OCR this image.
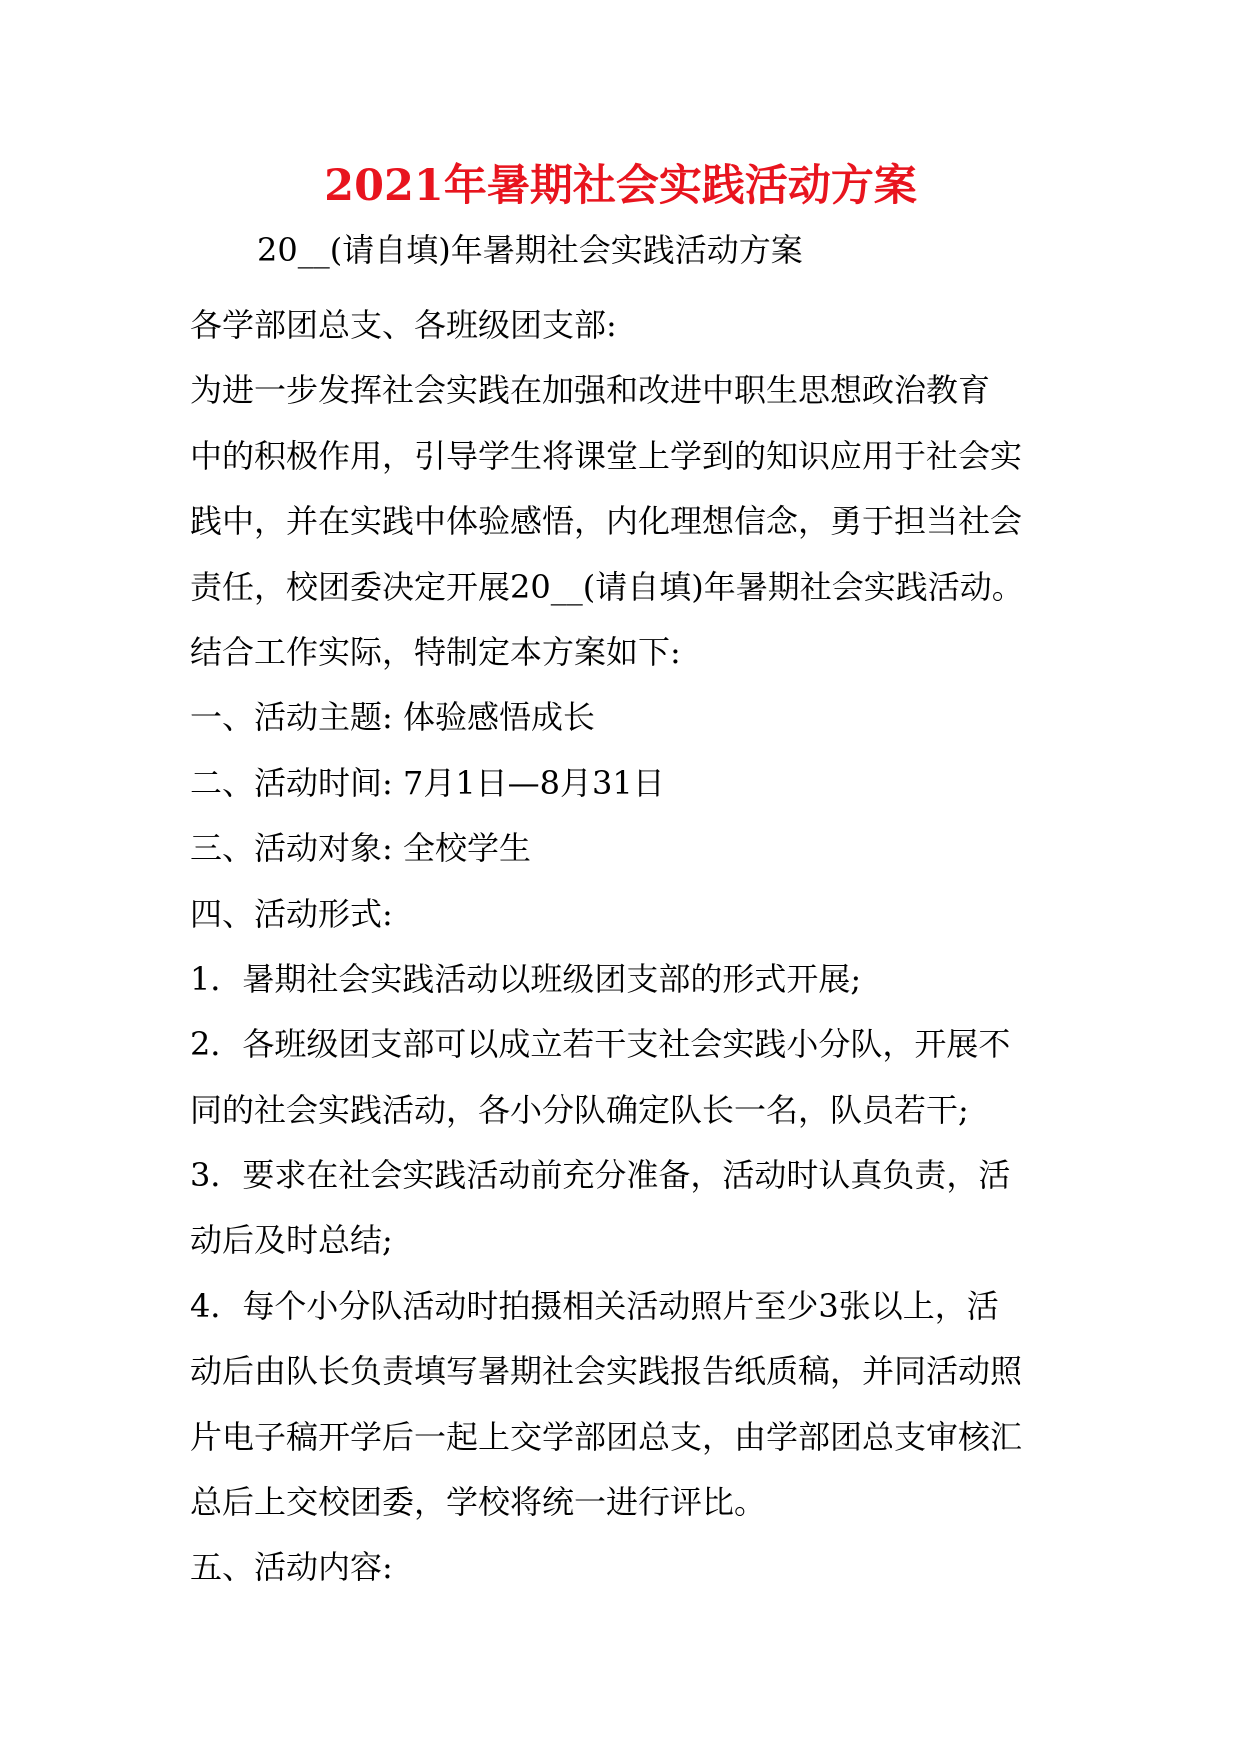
2021年暑期社会实践活动方案
20__(请自填)年暑期社会实践活动方案
各学部团总支、各班级团支部:
为进一步发挥社会实践在加强和改进中职生思想政治教育
中的积极作用，引导学生将课堂上学到的知识应用于社会实
践中，并在实践中体验感悟，内化理想信念，勇于担当社会
责任，校团委决定开展20__(请自填)年暑期社会实践活动。
结合工作实际，特制定本方案如下:
一、活动主题: 体验感悟成长
二、活动时间: 7月1日—8月31日
三、活动对象: 全校学生
四、活动形式:
1．暑期社会实践活动以班级团支部的形式开展;
2．各班级团支部可以成立若干支社会实践小分队，开展不
同的社会实践活动，各小分队确定队长一名，队员若干;
3．要求在社会实践活动前充分准备，活动时认真负责，活
动后及时总结;
4．每个小分队活动时拍摄相关活动照片至少3张以上，活
动后由队长负责填写暑期社会实践报告纸质稿，并同活动照
片电子稿开学后一起上交学部团总支，由学部团总支审核汇
总后上交校团委，学校将统一进行评比。
五、活动内容:
